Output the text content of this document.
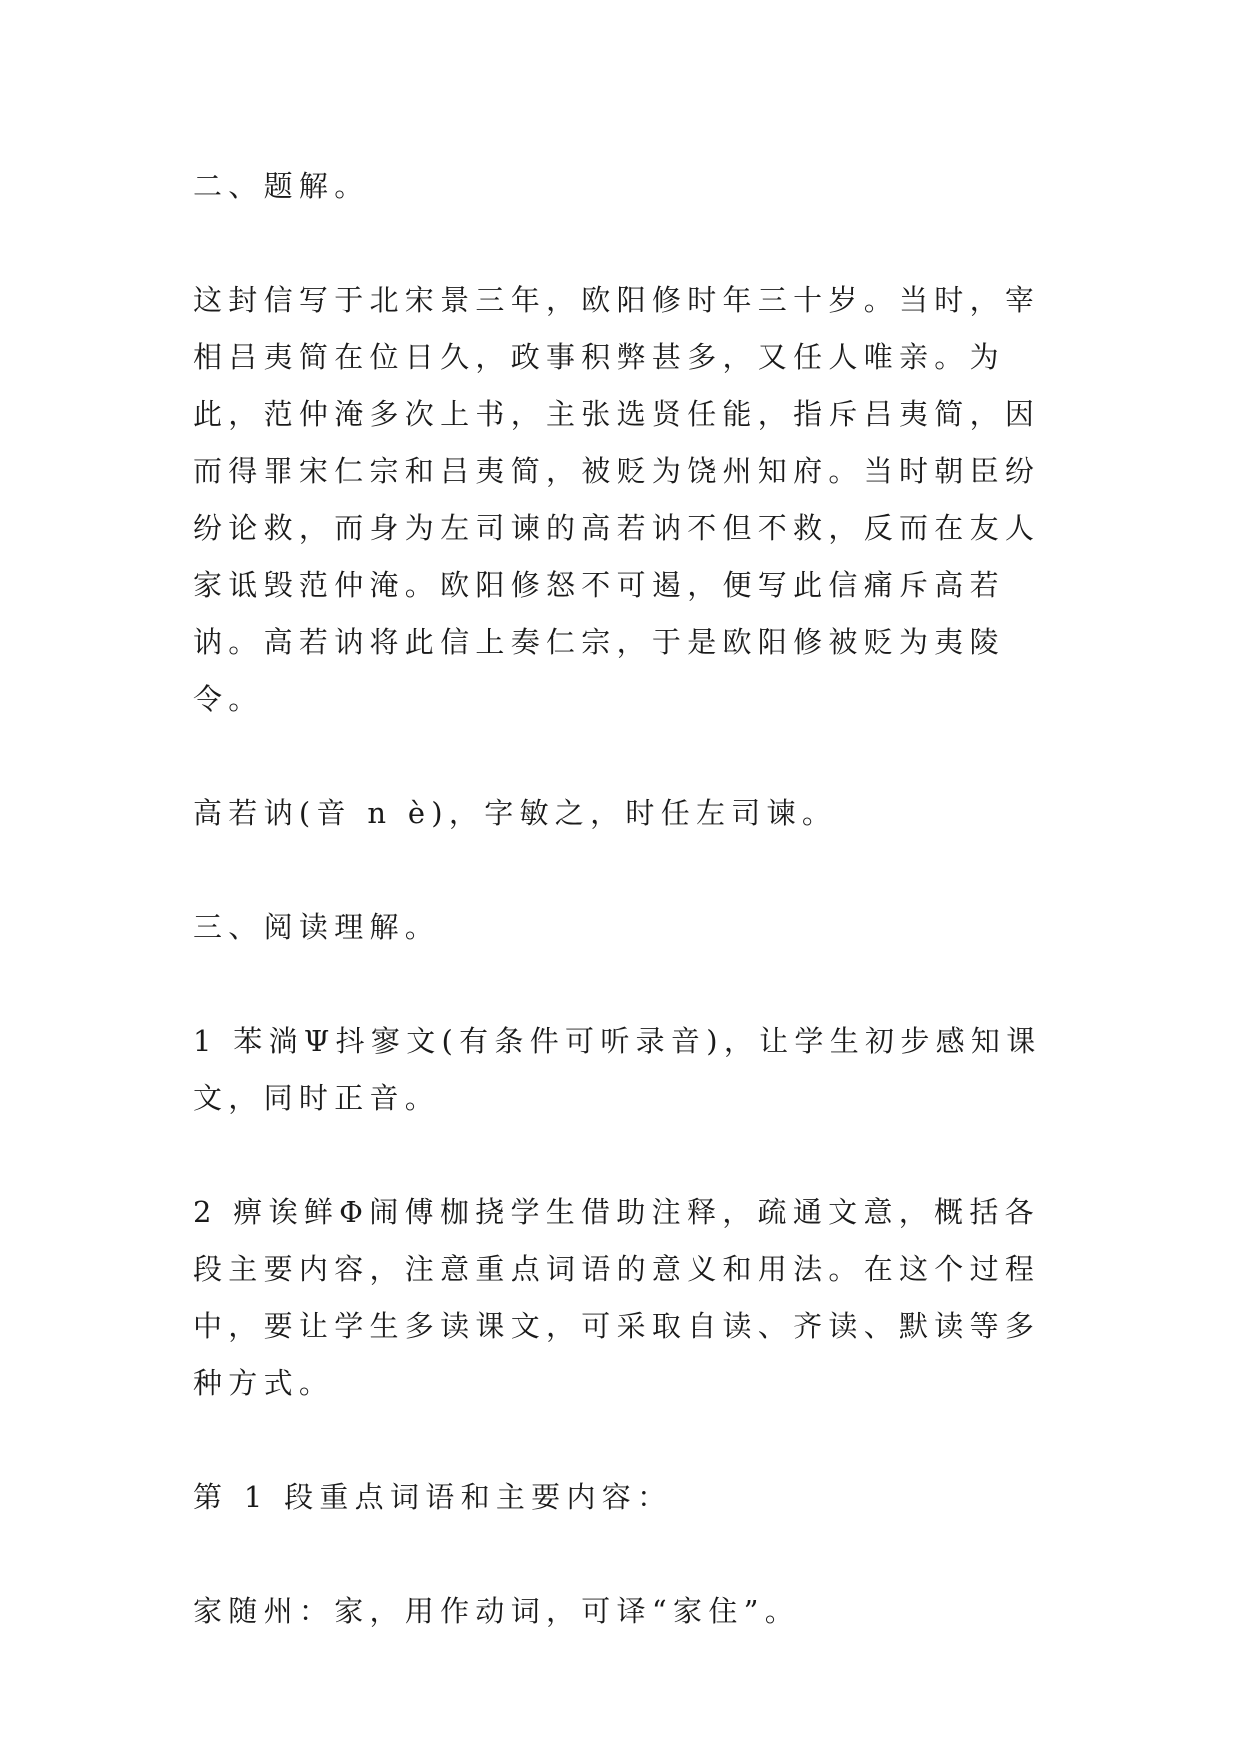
二、题解。

这封信写于北宋景三年，欧阳修时年三十岁。当时，宰相吕夷简在位日久，政事积弊甚多，又任人唯亲。为此，范仲淹多次上书，主张选贤任能，指斥吕夷简，因而得罪宋仁宗和吕夷简，被贬为饶州知府。当时朝臣纷纷论救，而身为左司谏的高若讷不但不救，反而在友人家诋毁范仲淹。欧阳修怒不可遏，便写此信痛斥高若讷。高若讷将此信上奏仁宗，于是欧阳修被贬为夷陵令。

高若讷(音 n è)，字敏之，时任左司谏。

三、阅读理解。

1 苯淌Ψ抖寥文(有条件可听录音)，让学生初步感知课文，同时正音。

2 痹诶鲜Φ闹傅枷挠学生借助注释，疏通文意，概括各段主要内容，注意重点词语的意义和用法。在这个过程中，要让学生多读课文，可采取自读、齐读、默读等多种方式。

第 1 段重点词语和主要内容：

家随州：家，用作动词，可译“家住”。
